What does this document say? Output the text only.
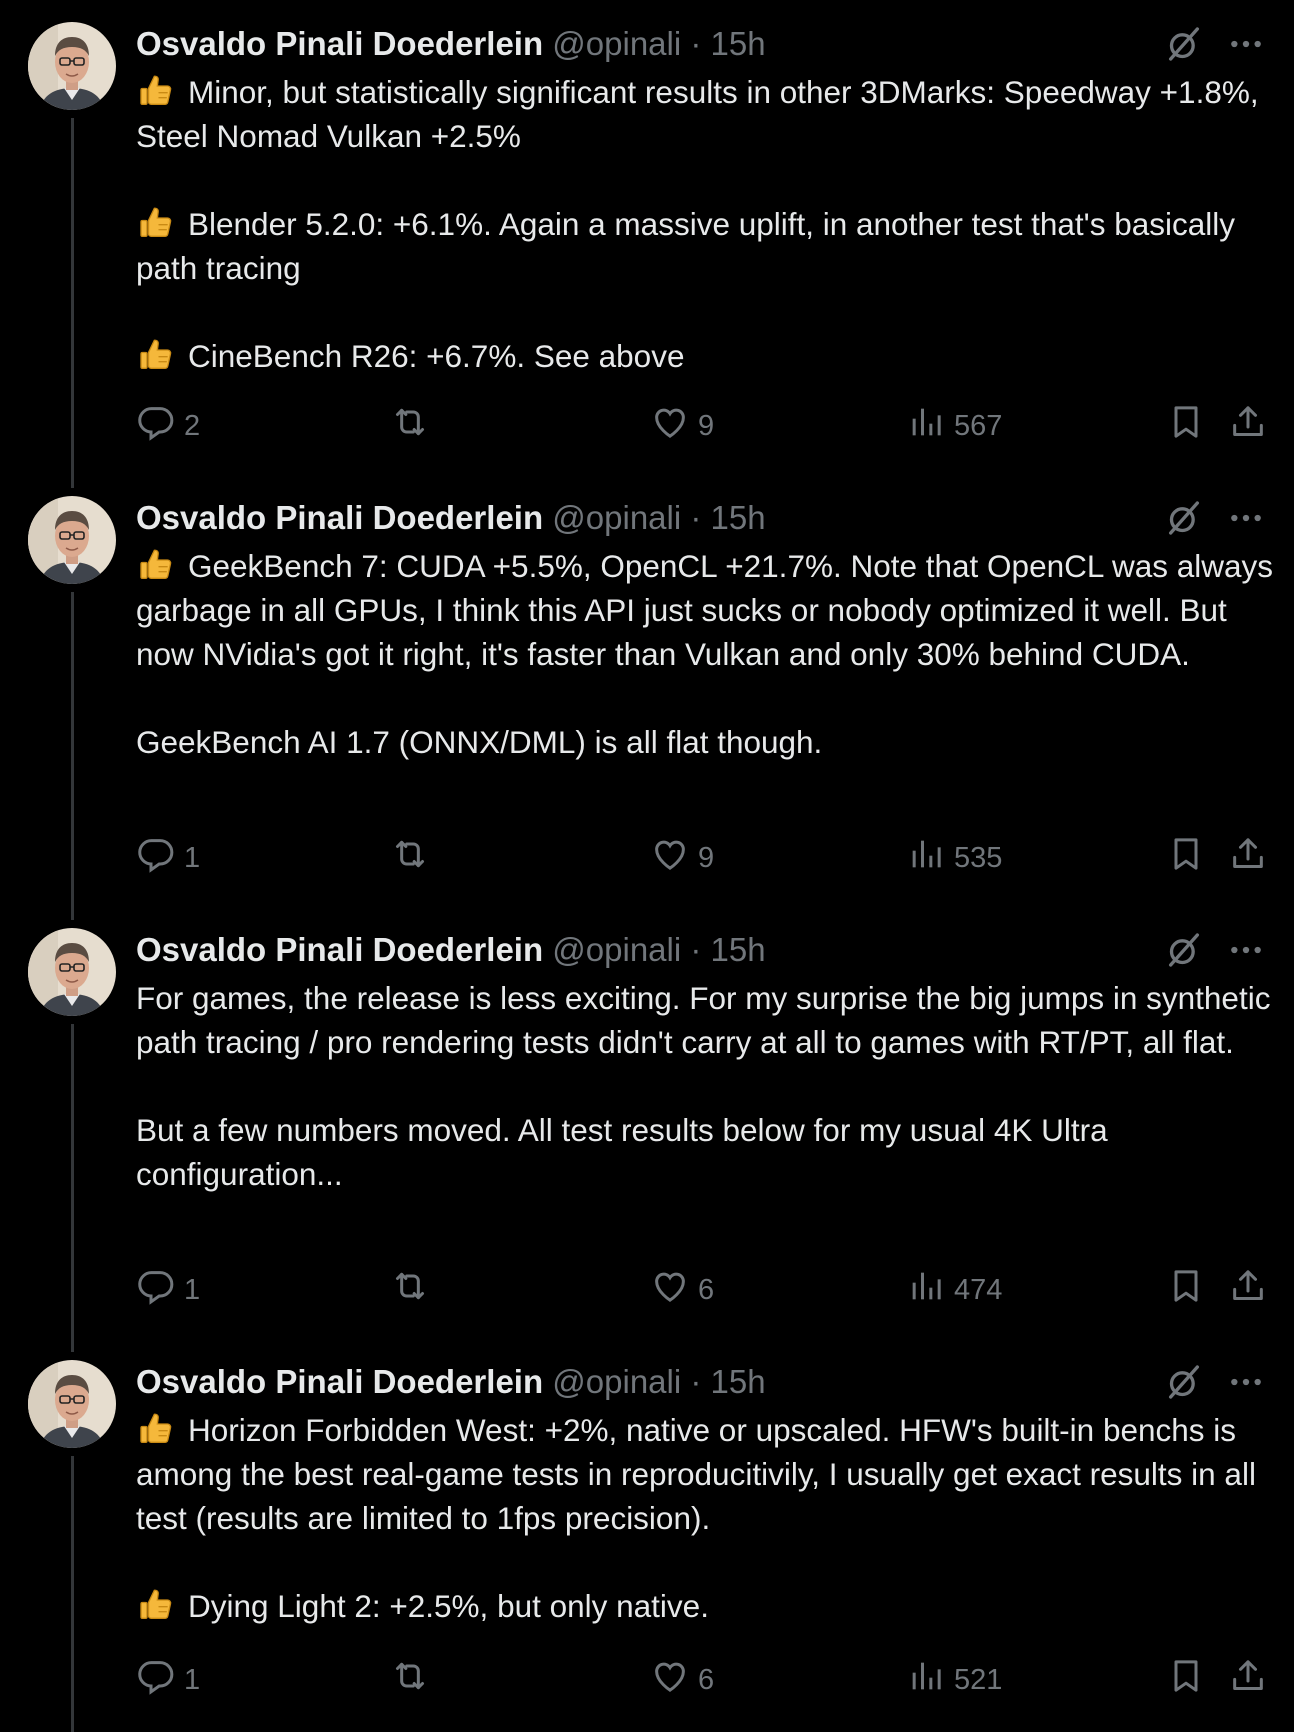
Osvaldo Pinali Doederlein @opinali · 15h

Minor, but statistically significant results in other 3DMarks: Speedway +1.8%, Steel Nomad Vulkan +2.5%

Blender 5.2.0: +6.1%. Again a massive uplift, in another test that's basically path tracing

CineBench R26: +6.7%. See above

2	9	567
Osvaldo Pinali Doederlein @opinali · 15h

GeekBench 7: CUDA +5.5%, OpenCL +21.7%. Note that OpenCL was always garbage in all GPUs, I think this API just sucks or nobody optimized it well. But now NVidia's got it right, it's faster than Vulkan and only 30% behind CUDA.

GeekBench AI 1.7 (ONNX/DML) is all flat though.

1	9	535
Osvaldo Pinali Doederlein @opinali · 15h

For games, the release is less exciting. For my surprise the big jumps in synthetic path tracing / pro rendering tests didn't carry at all to games with RT/PT, all flat.

But a few numbers moved. All test results below for my usual 4K Ultra configuration...

1	6	474
Osvaldo Pinali Doederlein @opinali · 15h

Horizon Forbidden West: +2%, native or upscaled. HFW's built-in benchs is among the best real-game tests in reproducitivily, I usually get exact results in all test (results are limited to 1fps precision).

Dying Light 2: +2.5%, but only native.

1	6	521
